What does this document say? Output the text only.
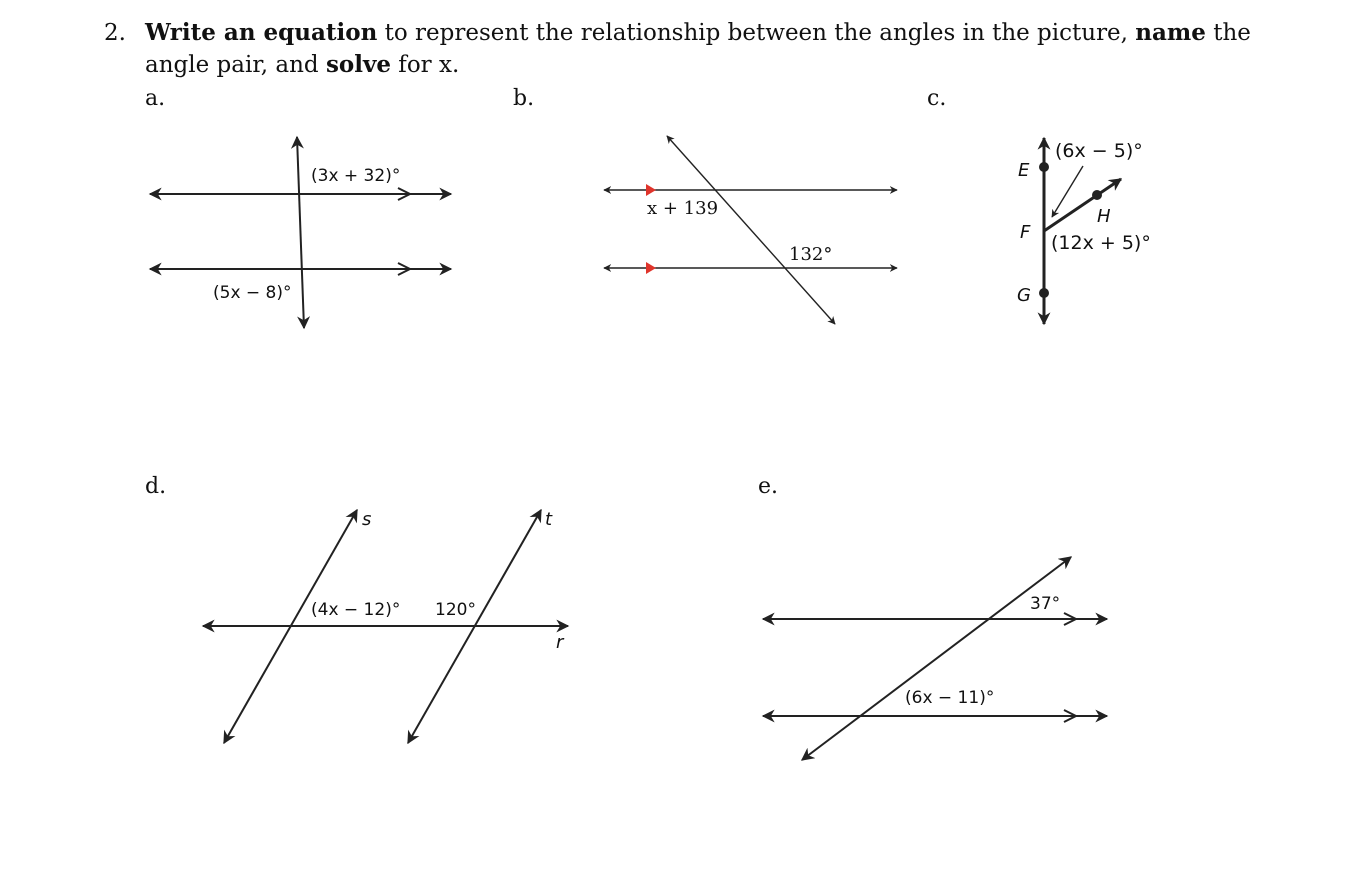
2. Write an equation to represent the relationship between the angles in the picture, name the angle pair, and solve for x.
a.	b.	c.
d.	e.
(3x + 32)°
(5x − 8)°
x + 139
132°
E
F
G
H
(6x − 5)°
(12x + 5)°
s	t
r
(4x − 12)° 120°	37°
(6x − 11)°
